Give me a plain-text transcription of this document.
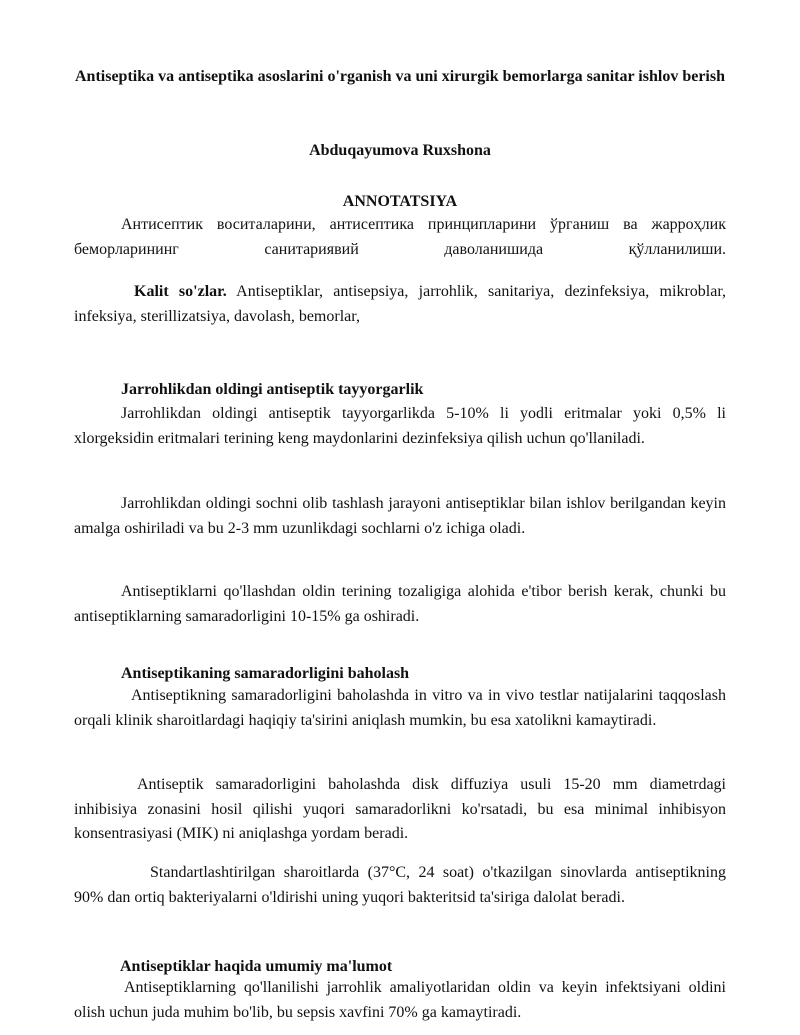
Antiseptika va antiseptika asoslarini o'rganish va uni xirurgik bemorlarga sanitar ishlov berish
Abduqayumova Ruxshona
ANNOTATSIYA

Антисептик воситаларини, антисептика принципларини ўрганиш ва жарроҳлик беморларининг санитариявий даволанишида қўлланилиши.

Kalit so'zlar. Antiseptiklar, antisepsiya, jarrohlik, sanitariya, dezinfeksiya, mikroblar, infeksiya, sterillizatsiya, davolash, bemorlar,

Jarrohlikdan oldingi antiseptik tayyorgarlik

Jarrohlikdan oldingi antiseptik tayyorgarlikda 5-10% li yodli eritmalar yoki 0,5% li xlorgeksidin eritmalari terining keng maydonlarini dezinfeksiya qilish uchun qo'llaniladi.

Jarrohlikdan oldingi sochni olib tashlash jarayoni antiseptiklar bilan ishlov berilgandan keyin amalga oshiriladi va bu 2-3 mm uzunlikdagi sochlarni o'z ichiga oladi.

Antiseptiklarni qo'llashdan oldin terining tozaligiga alohida e'tibor berish kerak, chunki bu antiseptiklarning samaradorligini 10-15% ga oshiradi.

Antiseptikaning samaradorligini baholash

Antiseptikning samaradorligini baholashda in vitro va in vivo testlar natijalarini taqqoslash orqali klinik sharoitlardagi haqiqiy ta'sirini aniqlash mumkin, bu esa xatolikni kamaytiradi.

Antiseptik samaradorligini baholashda disk diffuziya usuli 15-20 mm diametrdagi inhibisiya zonasini hosil qilishi yuqori samaradorlikni ko'rsatadi, bu esa minimal inhibisyon konsentrasiyasi (MIK) ni aniqlashga yordam beradi.

Standartlashtirilgan sharoitlarda (37°C, 24 soat) o'tkazilgan sinovlarda antiseptikning 90% dan ortiq bakteriyalarni o'ldirishi uning yuqori bakteritsid ta'siriga dalolat beradi.

Antiseptiklar haqida umumiy ma'lumot

Antiseptiklarning qo'llanilishi jarrohlik amaliyotlaridan oldin va keyin infektsiyani oldini olish uchun juda muhim bo'lib, bu sepsis xavfini 70% ga kamaytiradi.
